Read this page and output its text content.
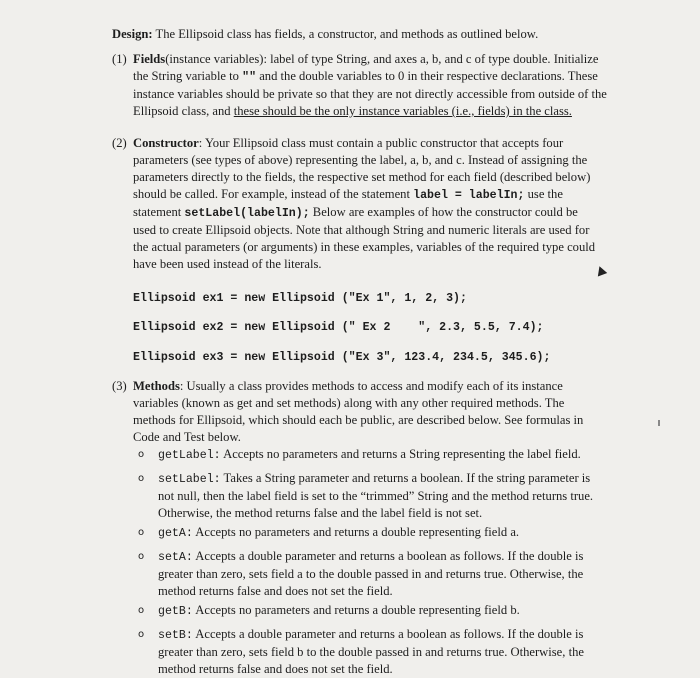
Design: The Ellipsoid class has fields, a constructor, and methods as outlined below.
(1) Fields(instance variables): label of type String, and axes a, b, and c of type double. Initialize
the String variable to "" and the double variables to 0 in their respective declarations. These
instance variables should be private so that they are not directly accessible from outside of the
Ellipsoid class, and these should be the only instance variables (i.e., fields) in the class.
(2) Constructor: Your Ellipsoid class must contain a public constructor that accepts four
parameters (see types of above) representing the label, a, b, and c. Instead of assigning the
parameters directly to the fields, the respective set method for each field (described below)
should be called. For example, instead of the statement label = labelIn; use the
statement setLabel(labelIn); Below are examples of how the constructor could be
used to create Ellipsoid objects. Note that although String and numeric literals are used for
the actual parameters (or arguments) in these examples, variables of the required type could
have been used instead of the literals.
Ellipsoid ex1 = new Ellipsoid ("Ex 1", 1, 2, 3);
Ellipsoid ex2 = new Ellipsoid (" Ex 2    ", 2.3, 5.5, 7.4);
Ellipsoid ex3 = new Ellipsoid ("Ex 3", 123.4, 234.5, 345.6);
(3) Methods: Usually a class provides methods to access and modify each of its instance
variables (known as get and set methods) along with any other required methods. The
methods for Ellipsoid, which should each be public, are described below. See formulas in
Code and Test below.
o getLabel: Accepts no parameters and returns a String representing the label field.
o setLabel: Takes a String parameter and returns a boolean. If the string parameter is
not null, then the label field is set to the “trimmed” String and the method returns true.
Otherwise, the method returns false and the label field is not set.
o getA: Accepts no parameters and returns a double representing field a.
o setA: Accepts a double parameter and returns a boolean as follows. If the double is
greater than zero, sets field a to the double passed in and returns true. Otherwise, the
method returns false and does not set the field.
o getB: Accepts no parameters and returns a double representing field b.
o setB: Accepts a double parameter and returns a boolean as follows. If the double is
greater than zero, sets field b to the double passed in and returns true. Otherwise, the
method returns false and does not set the field.
